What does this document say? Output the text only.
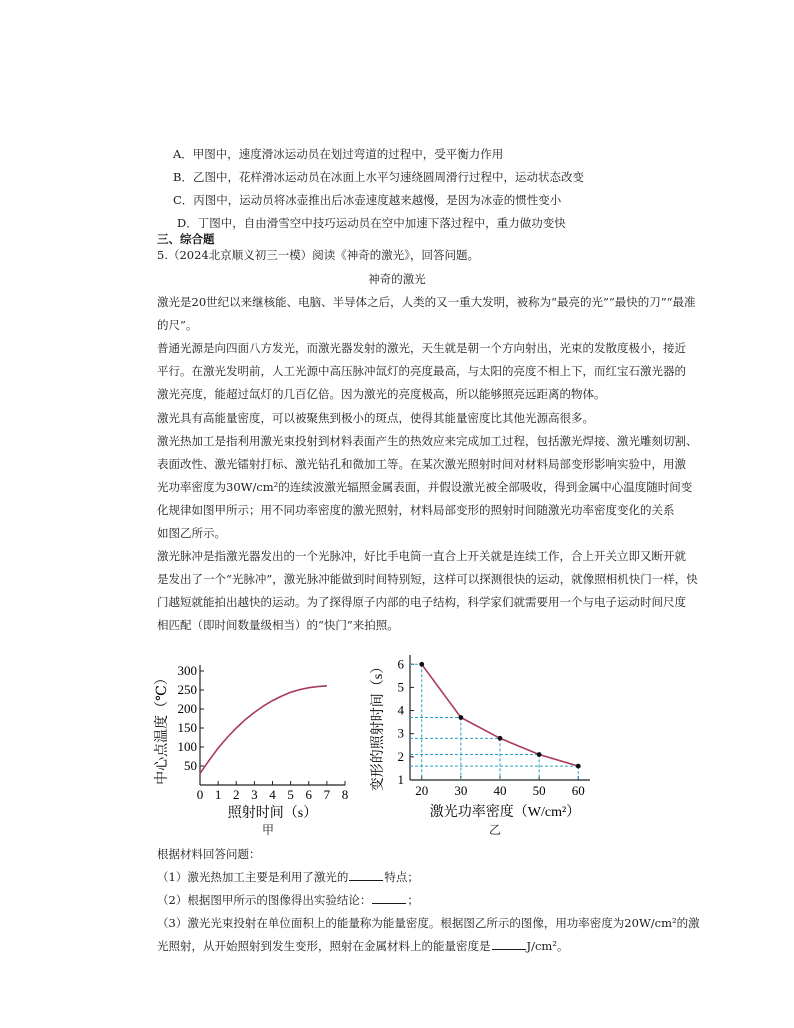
A．甲图中，速度滑冰运动员在划过弯道的过程中，受平衡力作用
B．乙图中，花样滑冰运动员在冰面上水平匀速绕圆周滑行过程中，运动状态改变
C．丙图中，运动员将冰壶推出后冰壶速度越来越慢，是因为冰壶的惯性变小
D．丁图中，自由滑雪空中技巧运动员在空中加速下落过程中，重力做功变快
三、综合题
5.（2024北京顺义初三一模）阅读《神奇的激光》，回答问题。
神奇的激光
激光是20世纪以来继核能、电脑、半导体之后，人类的又一重大发明，被称为“最亮的光”“最快的刀”“最准
的尺”。
普通光源是向四面八方发光，而激光器发射的激光，天生就是朝一个方向射出，光束的发散度极小，接近
平行。在激光发明前，人工光源中高压脉冲氙灯的亮度最高，与太阳的亮度不相上下，而红宝石激光器的
激光亮度，能超过氙灯的几百亿倍。因为激光的亮度极高，所以能够照亮远距离的物体。
激光具有高能量密度，可以被聚焦到极小的斑点，使得其能量密度比其他光源高很多。
激光热加工是指利用激光束投射到材料表面产生的热效应来完成加工过程，包括激光焊接、激光雕刻切割、
表面改性、激光镭射打标、激光钻孔和微加工等。在某次激光照射时间对材料局部变形影响实验中，用激
光功率密度为30W/cm²的连续波激光辐照金属表面，并假设激光被全部吸收，得到金属中心温度随时间变
化规律如图甲所示；用不同功率密度的激光照射，材料局部变形的照射时间随激光功率密度变化的关系
如图乙所示。
激光脉冲是指激光器发出的一个光脉冲，好比手电筒一直合上开关就是连续工作，合上开关立即又断开就
是发出了一个“光脉冲”，激光脉冲能做到时间特别短，这样可以探测很快的运动，就像照相机快门一样，快
门越短就能拍出越快的运动。为了探得原子内部的电子结构，科学家们就需要用一个与电子运动时间尺度
相匹配（即时间数量级相当）的“快门”来拍照。
0 1 2 3 4 5 6 7 8
50
100
150
200
250
300
照射时间（s）
中心点温度（℃）
甲
20 30 40 50 60
1
2
3
4
5
6
激光功率密度（W/cm²）
变形的照射时间（s）
乙
根据材料回答问题：
（1）激光热加工主要是利用了激光的	特点；
（2）根据图甲所示的图像得出实验结论：	；
（3）激光光束投射在单位面积上的能量称为能量密度。根据图乙所示的图像，用功率密度为20W/cm²的激
光照射，从开始照射到发生变形，照射在金属材料上的能量密度是	J/cm²。
